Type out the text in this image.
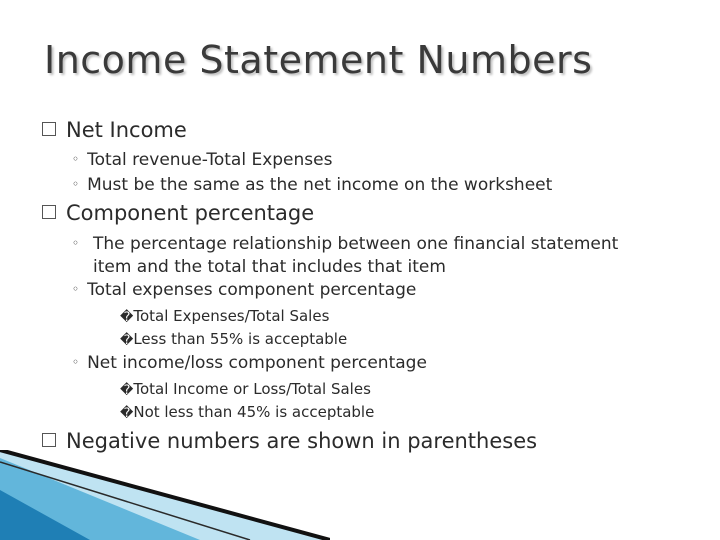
Income Statement Numbers
Net Income
◦ Total revenue-Total Expenses
◦ Must be the same as the net income on the worksheet
Component percentage
◦ The percentage relationship between one financial statement item and the total that includes that item
◦ Total expenses component percentage
�Total Expenses/Total Sales
�Less than 55% is acceptable
◦ Net income/loss component percentage
�Total Income or Loss/Total Sales
�Not less than 45% is acceptable
Negative numbers are shown in parentheses
